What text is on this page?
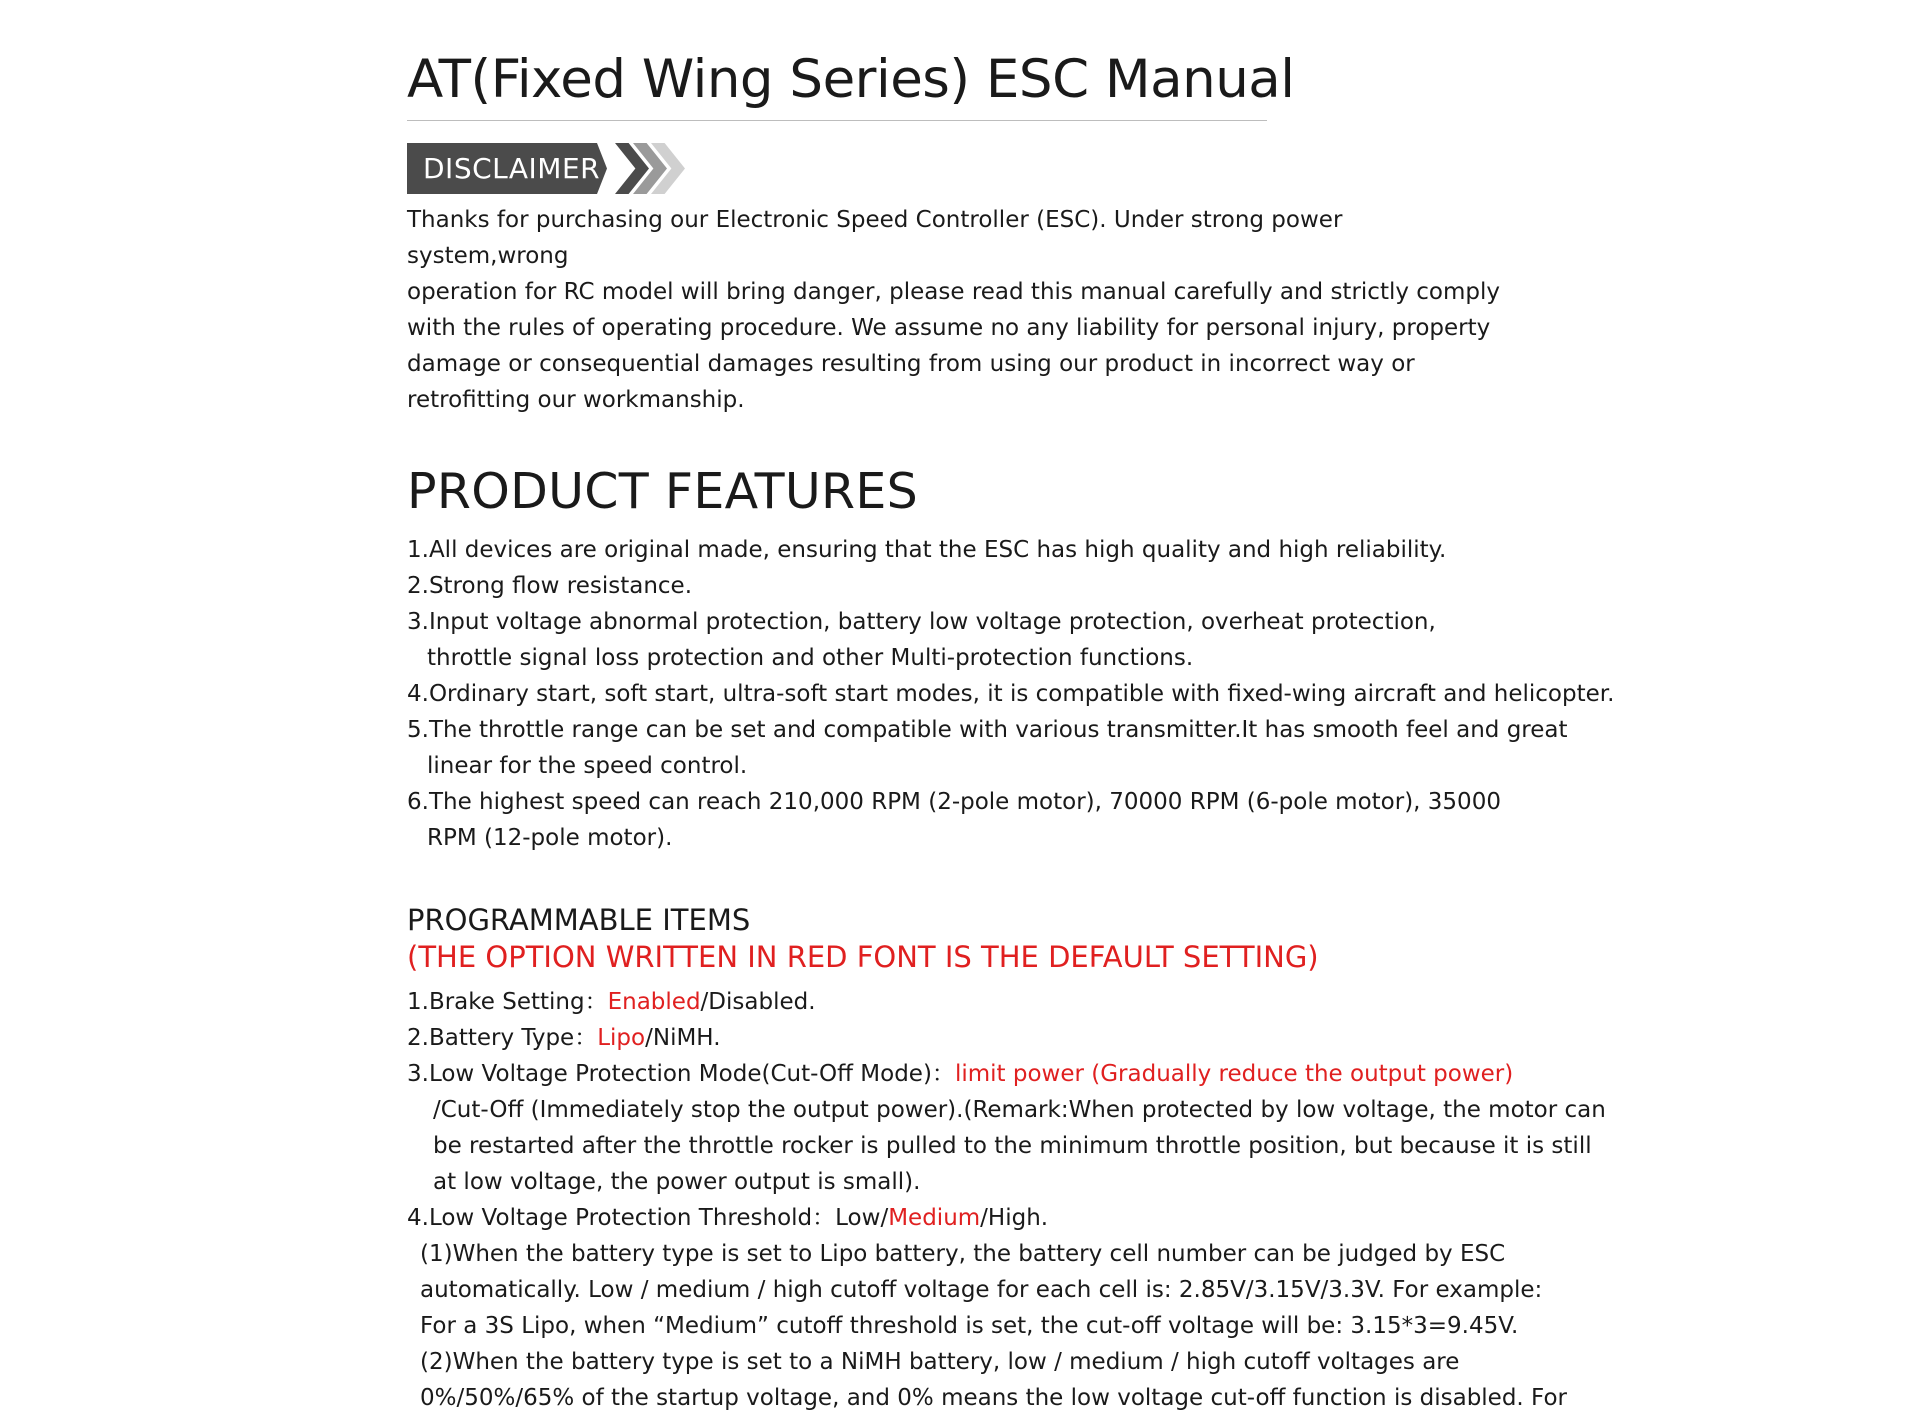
AT(Fixed Wing Series) ESC Manual
DISCLAIMER
Thanks for purchasing our Electronic Speed Controller (ESC). Under strong power system,wrong
operation for RC model will bring danger, please read this manual carefully and strictly comply
with the rules of operating procedure. We assume no any liability for personal injury, property
damage or consequential damages resulting from using our product in incorrect way or
retrofitting our workmanship.
PRODUCT FEATURES
1.All devices are original made, ensuring that the ESC has high quality and high reliability.
2.Strong flow resistance.
3.Input voltage abnormal protection, battery low voltage protection, overheat protection,
throttle signal loss protection and other Multi-protection functions.
4.Ordinary start, soft start, ultra-soft start modes, it is compatible with fixed-wing aircraft and helicopter.
5.The throttle range can be set and compatible with various transmitter.It has smooth feel and great
linear for the speed control.
6.The highest speed can reach 210,000 RPM (2-pole motor), 70000 RPM (6-pole motor), 35000
RPM (12-pole motor).
PROGRAMMABLE ITEMS
(THE OPTION WRITTEN IN RED FONT IS THE DEFAULT SETTING)
1.Brake Setting：Enabled/Disabled.
2.Battery Type：Lipo/NiMH.
3.Low Voltage Protection Mode(Cut-Off Mode)：limit power (Gradually reduce the output power)
/Cut-Off (Immediately stop the output power).(Remark:When protected by low voltage, the motor can
be restarted after the throttle rocker is pulled to the minimum throttle position, but because it is still
at low voltage, the power output is small).
4.Low Voltage Protection Threshold：Low/Medium/High.
(1)When the battery type is set to Lipo battery, the battery cell number can be judged by ESC
automatically. Low / medium / high cutoff voltage for each cell is: 2.85V/3.15V/3.3V. For example:
For a 3S Lipo, when “Medium” cutoff threshold is set, the cut-off voltage will be: 3.15*3=9.45V.
(2)When the battery type is set to a NiMH battery, low / medium / high cutoff voltages are
0%/50%/65% of the startup voltage, and 0% means the low voltage cut-off function is disabled. For
